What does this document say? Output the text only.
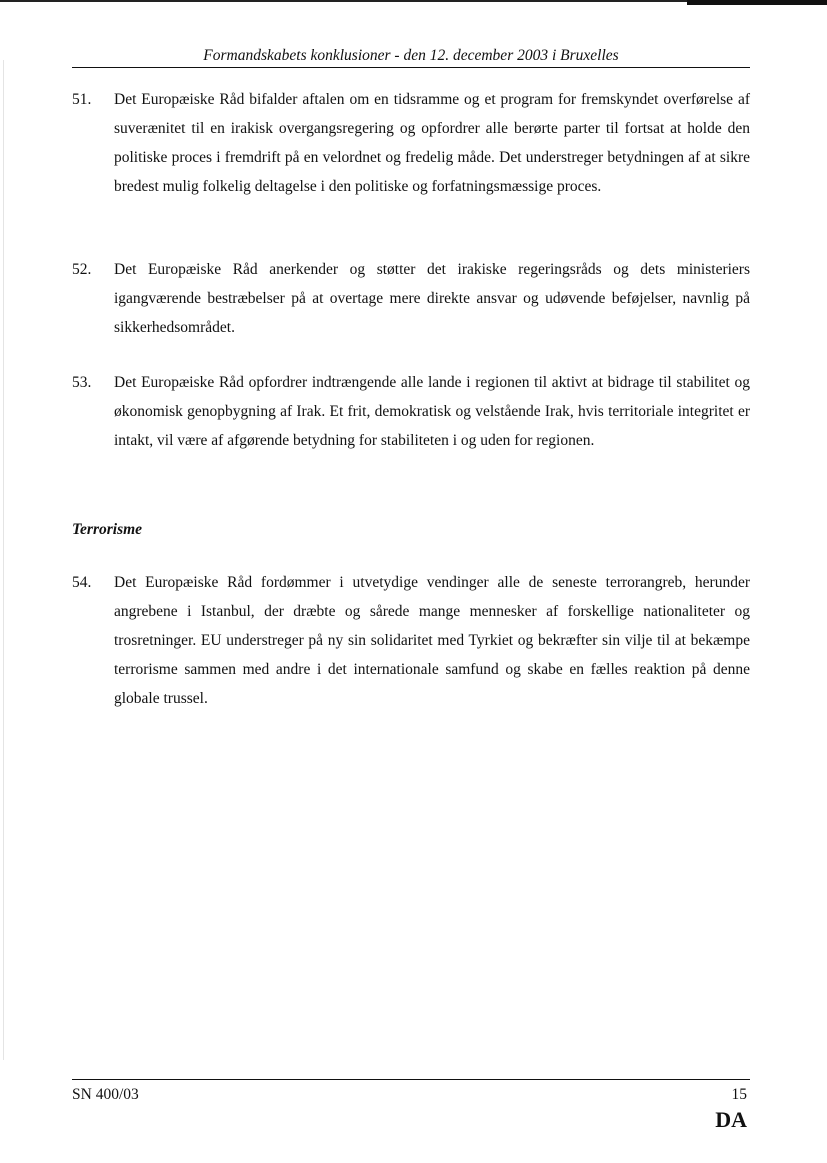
Formandskabets konklusioner - den 12. december 2003 i Bruxelles
51. Det Europæiske Råd bifalder aftalen om en tidsramme og et program for fremskyndet overførelse af suverænitet til en irakisk overgangsregering og opfordrer alle berørte parter til fortsat at holde den politiske proces i fremdrift på en velordnet og fredelig måde. Det understreger betydningen af at sikre bredest mulig folkelig deltagelse i den politiske og forfatningsmæssige proces.
52. Det Europæiske Råd anerkender og støtter det irakiske regeringsråds og dets ministeriers igangværende bestræbelser på at overtage mere direkte ansvar og udøvende beføjelser, navnlig på sikkerhedsområdet.
53. Det Europæiske Råd opfordrer indtrængende alle lande i regionen til aktivt at bidrage til stabilitet og økonomisk genopbygning af Irak. Et frit, demokratisk og velstående Irak, hvis territoriale integritet er intakt, vil være af afgørende betydning for stabiliteten i og uden for regionen.
Terrorisme
54. Det Europæiske Råd fordømmer i utvetydige vendinger alle de seneste terrorangreb, herunder angrebene i Istanbul, der dræbte og sårede mange mennesker af forskellige nationaliteter og trosretninger. EU understreger på ny sin solidaritet med Tyrkiet og bekræfter sin vilje til at bekæmpe terrorisme sammen med andre i det internationale samfund og skabe en fælles reaktion på denne globale trussel.
SN 400/03	15
DA
